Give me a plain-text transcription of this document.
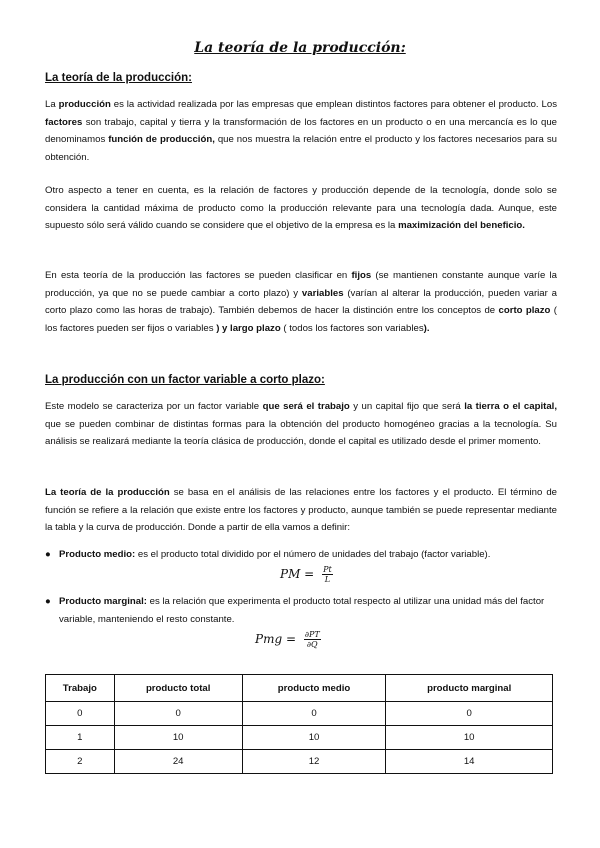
La teoría de la producción:
La teoría de la producción:
La producción es la actividad realizada por las empresas que emplean distintos factores para obtener el producto. Los factores son trabajo, capital y tierra y la transformación de los factores en un producto o en una mercancía es lo que denominamos función de producción, que nos muestra la relación entre el producto y los factores necesarios para su obtención.
Otro aspecto a tener en cuenta, es la relación de factores y producción depende de la tecnología, donde solo se considera la cantidad máxima de producto como la producción relevante para una tecnología dada. Aunque, este supuesto sólo será válido cuando se considere que el objetivo de la empresa es la maximización del beneficio.
En esta teoría de la producción las factores se pueden clasificar en fijos (se mantienen constante aunque varíe la producción, ya que no se puede cambiar a corto plazo) y variables (varían al alterar la producción, pueden variar a corto plazo como las horas de trabajo). También debemos de hacer la distinción entre los conceptos de corto plazo ( los factores pueden ser fijos o variables ) y largo plazo ( todos los factores son variables).
La producción con un factor variable a corto plazo:
Este modelo se caracteriza por un factor variable que será el trabajo y un capital fijo que será la tierra o el capital, que se pueden combinar de distintas formas para la obtención del producto homogéneo gracias a la tecnología. Su análisis se realizará mediante la teoría clásica de producción, donde el capital es utilizado desde el primer momento.
La teoría de la producción se basa en el análisis de las relaciones entre los factores y el producto. El término de función se refiere a la relación que existe entre los factores y producto, aunque también se puede representar mediante la tabla y la curva de producción. Donde a partir de ella vamos a definir:
● Producto medio: es el producto total dividido por el número de unidades del trabajo (factor variable).
PM = $\frac{Pt}{L}$
● Producto marginal: es la relación que experimenta el producto total respecto al utilizar una unidad más del factor variable, manteniendo el resto constante.
Pmg = $\frac{\partial PT}{\partial Q}$
Trabajo	producto total	producto medio	producto marginal
0	0	0	0
1	10	10	10
2	24	12	14
